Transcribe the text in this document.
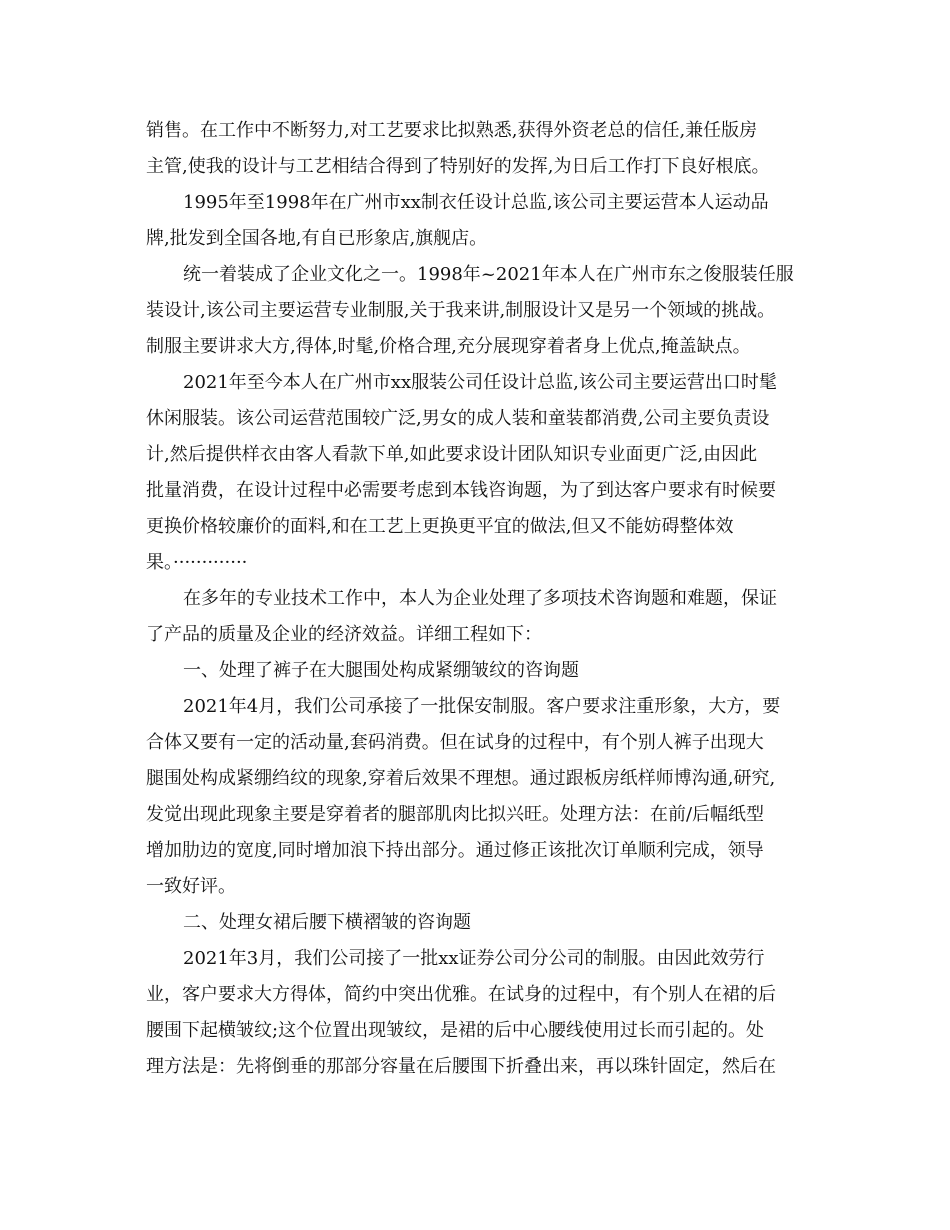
销售。在工作中不断努力,对工艺要求比拟熟悉,获得外资老总的信任,兼任版房
主管,使我的设计与工艺相结合得到了特别好的发挥,为日后工作打下良好根底。
1995年至1998年在广州市xx制衣任设计总监,该公司主要运营本人运动品
牌,批发到全国各地,有自已形象店,旗舰店。
统一着装成了企业文化之一。1998年~2021年本人在广州市东之俊服装任服
装设计,该公司主要运营专业制服,关于我来讲,制服设计又是另一个领域的挑战。
制服主要讲求大方,得体,时髦,价格合理,充分展现穿着者身上优点,掩盖缺点。
2021年至今本人在广州市xx服装公司任设计总监,该公司主要运营出口时髦
休闲服装。该公司运营范围较广泛,男女的成人装和童装都消费,公司主要负责设
计,然后提供样衣由客人看款下单,如此要求设计团队知识专业面更广泛,由因此
批量消费，在设计过程中必需要考虑到本钱咨询题，为了到达客户要求有时候要
更换价格较廉价的面料,和在工艺上更换更平宜的做法,但又不能妨碍整体效
果。·············
在多年的专业技术工作中，本人为企业处理了多项技术咨询题和难题，保证
了产品的质量及企业的经济效益。详细工程如下：
一、处理了裤子在大腿围处构成紧绷皱纹的咨询题
2021年4月，我们公司承接了一批保安制服。客户要求注重形象，大方，要
合体又要有一定的活动量,套码消费。但在试身的过程中，有个别人裤子出现大
腿围处构成紧绷绉纹的现象,穿着后效果不理想。通过跟板房纸样师博沟通,研究,
发觉出现此现象主要是穿着者的腿部肌肉比拟兴旺。处理方法：在前/后幅纸型
增加肋边的宽度,同时增加浪下持出部分。通过修正该批次订单顺利完成，领导
一致好评。
二、处理女裙后腰下横褶皱的咨询题
2021年3月，我们公司接了一批xx证券公司分公司的制服。由因此效劳行
业，客户要求大方得体，简约中突出优雅。在试身的过程中，有个别人在裙的后
腰围下起横皱纹;这个位置出现皱纹，是裙的后中心腰线使用过长而引起的。处
理方法是：先将倒垂的那部分容量在后腰围下折叠出来，再以珠针固定，然后在
